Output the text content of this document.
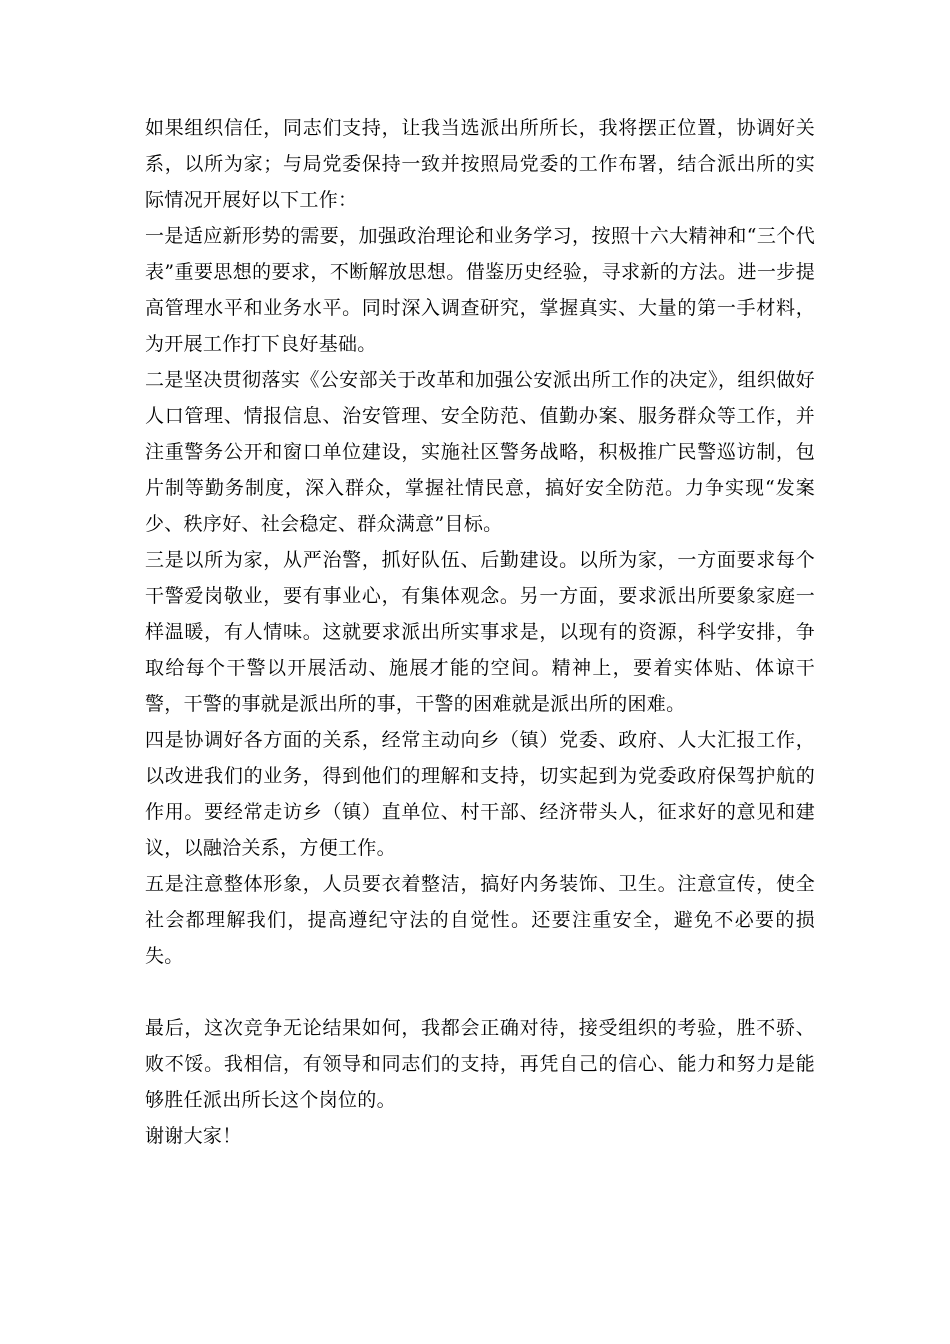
如果组织信任，同志们支持，让我当选派出所所长，我将摆正位置，协调好关系，以所为家；与局党委保持一致并按照局党委的工作布署，结合派出所的实际情况开展好以下工作：

一是适应新形势的需要，加强政治理论和业务学习，按照十六大精神和“三个代表”重要思想的要求，不断解放思想。借鉴历史经验，寻求新的方法。进一步提高管理水平和业务水平。同时深入调查研究，掌握真实、大量的第一手材料，为开展工作打下良好基础。

二是坚决贯彻落实《公安部关于改革和加强公安派出所工作的决定》，组织做好人口管理、情报信息、治安管理、安全防范、值勤办案、服务群众等工作，并注重警务公开和窗口单位建设，实施社区警务战略，积极推广民警巡访制，包片制等勤务制度，深入群众，掌握社情民意，搞好安全防范。力争实现“发案少、秩序好、社会稳定、群众满意”目标。

三是以所为家，从严治警，抓好队伍、后勤建设。以所为家，一方面要求每个干警爱岗敬业，要有事业心，有集体观念。另一方面，要求派出所要象家庭一样温暖，有人情味。这就要求派出所实事求是，以现有的资源，科学安排，争取给每个干警以开展活动、施展才能的空间。精神上，要着实体贴、体谅干警，干警的事就是派出所的事，干警的困难就是派出所的困难。

四是协调好各方面的关系，经常主动向乡（镇）党委、政府、人大汇报工作，以改进我们的业务，得到他们的理解和支持，切实起到为党委政府保驾护航的作用。要经常走访乡（镇）直单位、村干部、经济带头人，征求好的意见和建议，以融洽关系，方便工作。

五是注意整体形象，人员要衣着整洁，搞好内务装饰、卫生。注意宣传，使全社会都理解我们，提高遵纪守法的自觉性。还要注重安全，避免不必要的损失。

最后，这次竞争无论结果如何，我都会正确对待，接受组织的考验，胜不骄、败不馁。我相信，有领导和同志们的支持，再凭自己的信心、能力和努力是能够胜任派出所长这个岗位的。

谢谢大家！
